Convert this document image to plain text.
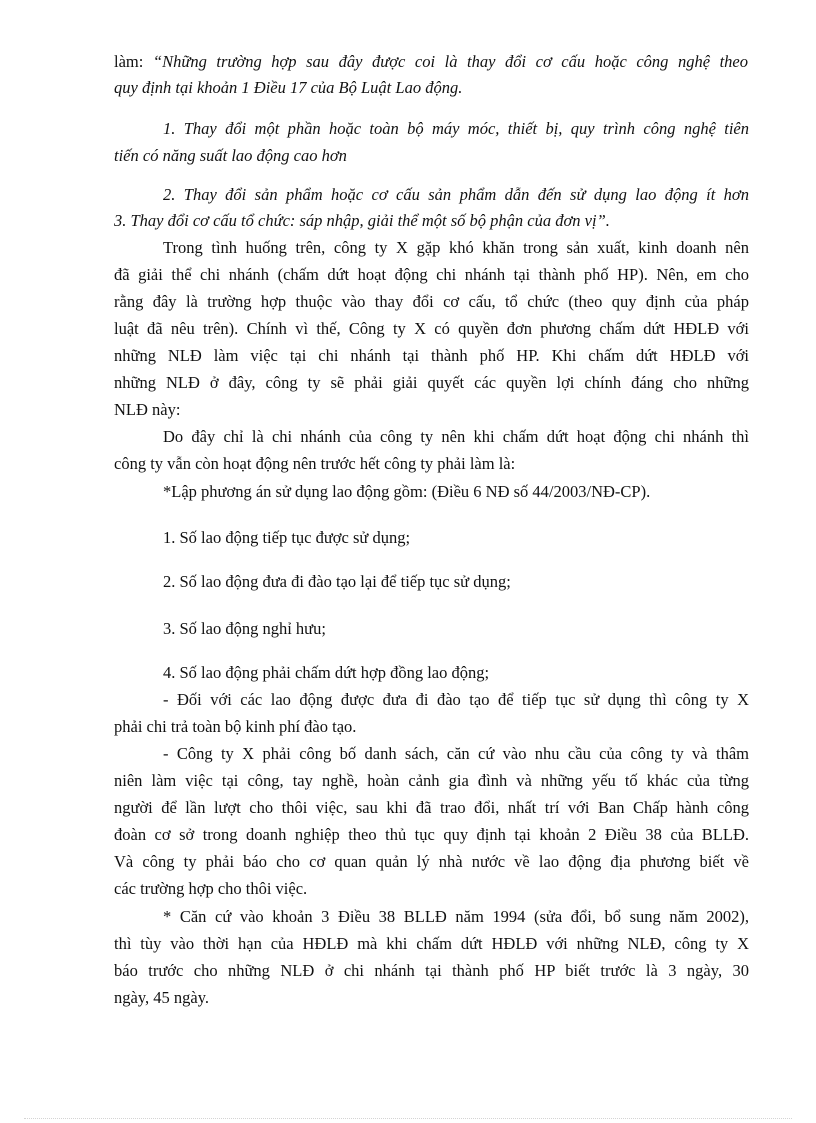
làm: “Những trường hợp sau đây được coi là thay đổi cơ cấu hoặc công nghệ theo

quy định tại khoản 1 Điều 17 của Bộ Luật Lao động.

1. Thay đổi một phần hoặc toàn bộ máy móc, thiết bị, quy trình công nghệ tiên

tiến có năng suất lao động cao hơn

2. Thay đổi sản phẩm hoặc cơ cấu sản phẩm dẫn đến sử dụng lao động ít hơn

3. Thay đổi cơ cấu tổ chức: sáp nhập, giải thể một số bộ phận của đơn vị”.

Trong tình huống trên, công ty X gặp khó khăn trong sản xuất, kinh doanh nên

đã giải thể chi nhánh (chấm dứt hoạt động chi nhánh tại thành phố HP). Nên, em cho

rằng đây là trường hợp thuộc vào thay đổi cơ cấu, tổ chức (theo quy định của pháp

luật đã nêu trên). Chính vì thế, Công ty X có quyền đơn phương chấm dứt HĐLĐ với

những NLĐ làm việc tại chi nhánh tại thành phố HP. Khi chấm dứt HĐLĐ với

những NLĐ ở đây, công ty sẽ phải giải quyết các quyền lợi chính đáng cho những

NLĐ này:

Do đây chỉ là chi nhánh của công ty nên khi chấm dứt hoạt động chi nhánh thì

công ty vẫn còn hoạt động nên trước hết công ty phải làm là:

*Lập phương án sử dụng lao động gồm: (Điều 6 NĐ số 44/2003/NĐ-CP).

1. Số lao động tiếp tục được sử dụng;

2. Số lao động đưa đi đào tạo lại để tiếp tục sử dụng;

3. Số lao động nghỉ hưu;

4. Số lao động phải chấm dứt hợp đồng lao động;

- Đối với các lao động được đưa đi đào tạo để tiếp tục sử dụng thì công ty X

phải chi trả toàn bộ kinh phí đào tạo.

- Công ty X phải công bố danh sách, căn cứ vào nhu cầu của công ty và thâm

niên làm việc tại công, tay nghề, hoàn cảnh gia đình và những yếu tố khác của từng

người để lần lượt cho thôi việc, sau khi đã trao đổi, nhất trí với Ban Chấp hành công

đoàn cơ sở trong doanh nghiệp theo thủ tục quy định tại khoản 2 Điều 38 của BLLĐ.

Và công ty phải báo cho cơ quan quản lý nhà nước về lao động địa phương biết về

các trường hợp cho thôi việc.

* Căn cứ vào khoản 3 Điều 38 BLLĐ năm 1994 (sửa đổi, bổ sung năm 2002),

thì tùy vào thời hạn của HĐLĐ mà khi chấm dứt HĐLĐ với những NLĐ, công ty X

báo trước cho những NLĐ ở chi nhánh tại thành phố HP biết trước là 3 ngày, 30

ngày, 45 ngày.
